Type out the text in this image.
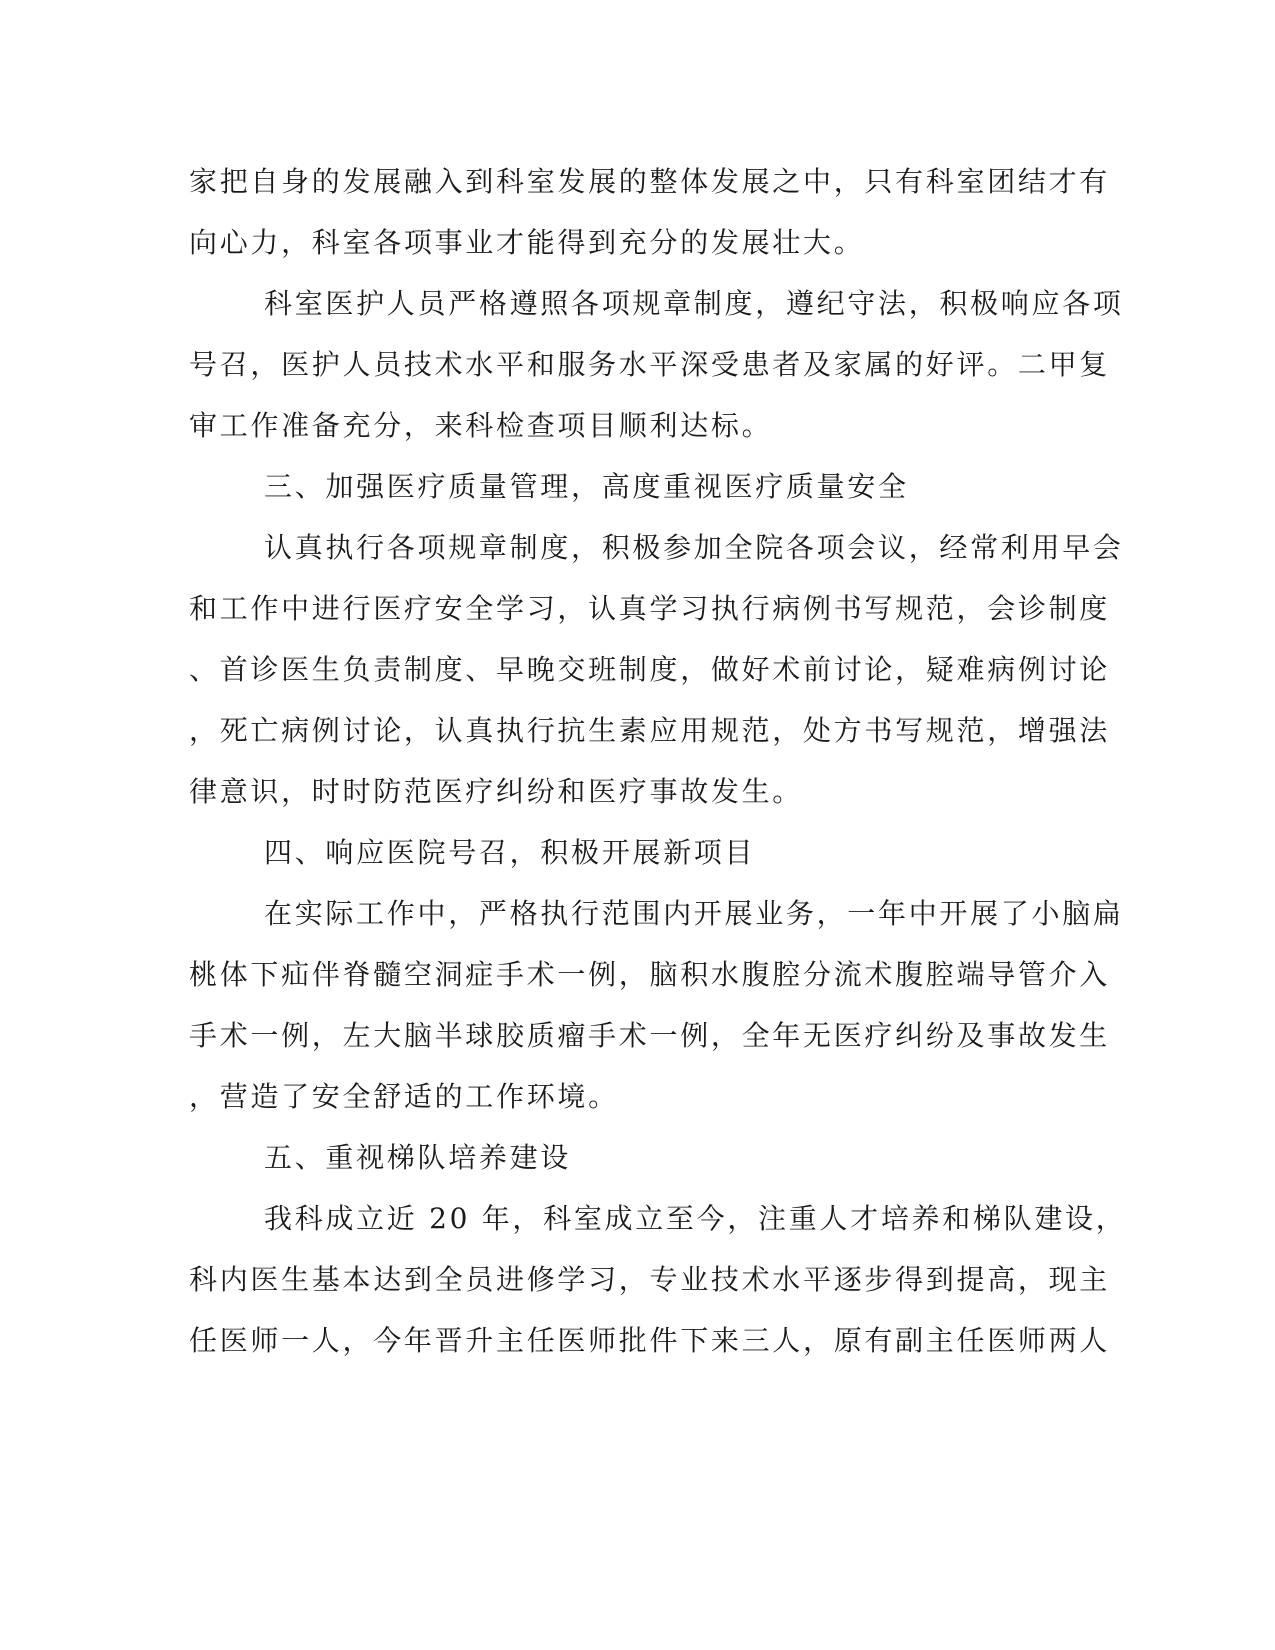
家把自身的发展融入到科室发展的整体发展之中，只有科室团结才有
向心力，科室各项事业才能得到充分的发展壮大。
科室医护人员严格遵照各项规章制度，遵纪守法，积极响应各项
号召，医护人员技术水平和服务水平深受患者及家属的好评。二甲复
审工作准备充分，来科检查项目顺利达标。
三、加强医疗质量管理，高度重视医疗质量安全
认真执行各项规章制度，积极参加全院各项会议，经常利用早会
和工作中进行医疗安全学习，认真学习执行病例书写规范，会诊制度
、首诊医生负责制度、早晚交班制度，做好术前讨论，疑难病例讨论
，死亡病例讨论，认真执行抗生素应用规范，处方书写规范，增强法
律意识，时时防范医疗纠纷和医疗事故发生。
四、响应医院号召，积极开展新项目
在实际工作中，严格执行范围内开展业务，一年中开展了小脑扁
桃体下疝伴脊髓空洞症手术一例，脑积水腹腔分流术腹腔端导管介入
手术一例，左大脑半球胶质瘤手术一例，全年无医疗纠纷及事故发生
，营造了安全舒适的工作环境。
五、重视梯队培养建设
我科成立近 20 年，科室成立至今，注重人才培养和梯队建设，
科内医生基本达到全员进修学习，专业技术水平逐步得到提高，现主
任医师一人，今年晋升主任医师批件下来三人，原有副主任医师两人
